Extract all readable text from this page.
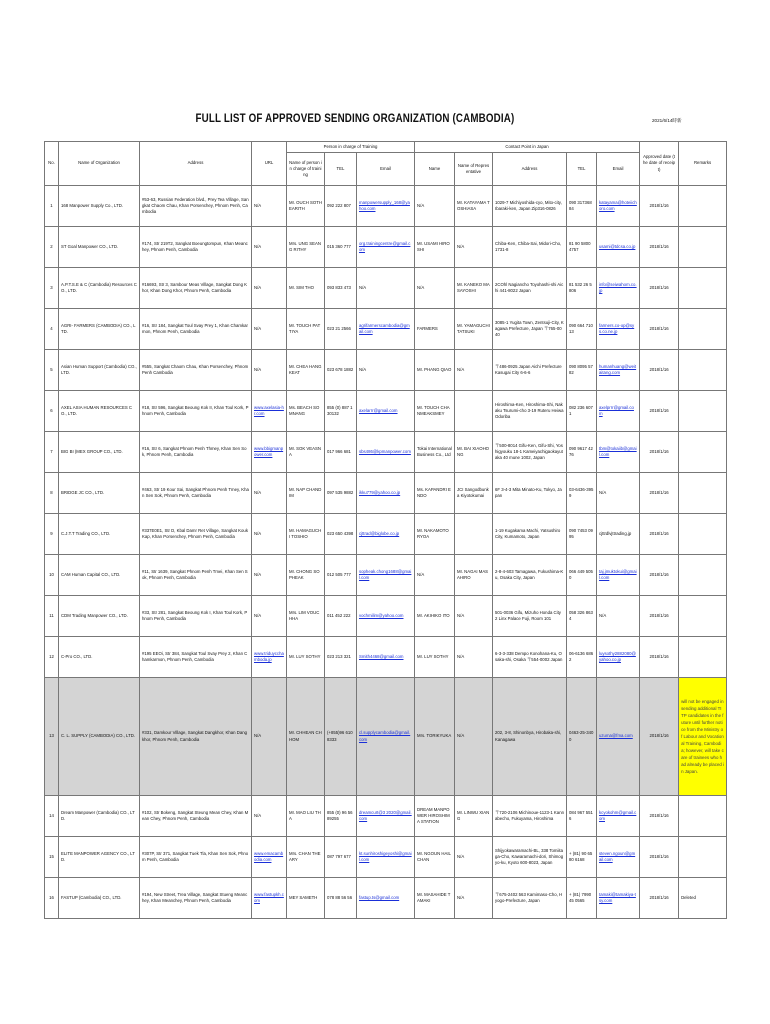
FULL LIST OF APPROVED SENDING ORGANIZATION (CAMBODIA)	2021/6/14時新
No.	Name of Organization	Address	URL	Person in charge of Training			Contact Point in Japan					Approved date (the date of receipt)	Remarks
				Name of person in charge of training	TEL	Email	Name	Name of Representative	Address	TEL	Email		
1	168 Manpower Supply Co., LTD.	#53-63, Russian Federation blvd., Prey Tea Village, Sangkat Chaom Chau, Khan Porsenchey, Phnom Penh, Cambodia	N/A	Mr. OUCH SOTHEARITH	092 222 807	manpowersupply_168@yahoo.com	N/A	Mr. KATAYAMA TOSHIASA	1029-7 Michiyoshida-cyo, Mito-city, Ibaraki-ken, Japan Zip316-0826	090 31736884	katayama@hoteiichoro.com	2018/1/16	
2	ST Goal Manpower CO., LTD.	#174, Str 219T2, Sangkat Boeungtompun, Khan Meanchey, Phnom Penh, Cambodia	N/A	Mrs. UNG SEANG RITHY	015 360 777	org.trainingcentre@gmail.com	Mr. USAMI HIROSHI	N/A	Chiba-Ken, Chiba-Sai, Midori-Cho, 1731-8	81 90 5800 4757	usami@tdcsa.co.jp	2018/1/16	
3	A.P.T.S.E & C (Cambodia) Resources CO., LTD.	#16693, Str 3, Sambour Meas Village, Sangkat Dong Khor, Khan Dong Khor, Phnom Penh, Cambodia	N/A	Mr. SIM THO	093 833 473	N/A	N/A	Mr. KANEKO MASAYOSHI	2COhl Nagiancho Toyohashi-shi Aichi 441-8022 Japan	81 532 26 5806	info@seiwahom.co.jp	2018/1/16	
4	AGRI- FARMERS (CAMBODIA) CO., LTD.	#16, Str 184, Sangkat Toul Svay Prey 1, Khan Chamkarmon, Phnom Penh, Cambodia	N/A	Mr. TOUCH PATTIYA	023 21 2566	agrifarmerscambodia@gmail.com	FARMERS	Mr. YAMAGUCHI TATSUKI	3085-1 Yugita Town, Zentsuji-City, Kagawa Prefecture, Japan 〒765-0040	090 664 710 13	farmers.co-op@sys.co.ne.jp	2018/1/16	
5	Asian Human Support (Cambodia) CO., LTD.	#555, Sangkat Chaom Chau, Khan Porsenchey, Phnom Penh Cambodia	N/A	Mr. CHEA HANGKEAT	023 678 1882	N/A	Mr. PHANG QIAO	N/A	〒486-0925 Japan Aichi Prefecture Kasugai City 6-6-6	090 8095 5782	humanhuang@weitaitang.com	2018/1/16	
6	AXEL ASIA HUMAN RESOURCES CO., LTD.	#18, Str 596, Sangkat Beoung Kok II, Khan Toul Kork, Phnom Penh, Cambodia	www.axelasia-hr.com	Ms. BEACH SOMNANG	855 (0) 887 130132	axelarrr@gmail.com	Mr. TOUCH CHANMEAKSMEY		Hiroshima-Ken, Hiroshima-Shi, Nakaku Tsurumi-cho 3-19 Ruteru Heiwa Odoriba	082 236 6071	axelprrr@gmail.com	2018/1/16	
7	BIG BI (MEX GROUP CO., LTD.	#16, Str 6, Sangkat Phnom Penh Thmey, Khan Sen Sok, Phnom Penh, Cambodia	www.bbigmanpower.com	Mr. SOK VEASNA	017 966 681	sbs486@kpmanpower.com	Tokai International Business Co., Ltd	Mr. BAI XIAOHONG	〒500-8014 Gifu-Ken, Gifu-Shi, Yoshigyouku 18-1 Kameiyachigaokayutaka 40 mune 1002, Japan	090 9617 4276	tbm@tokaiib@gmail.com	2018/1/16	
8	BRIDGE JC CO., LTD.	#463, Str 19 Kour Sai, Sangkat Phnom Penh Tmey, Khan Sen Sok, Phnom Penh, Cambodia	N/A	Mr. NAP CHANDIM	097 535 9882	ikku779@yahoo.co.jp	Ms. KAPANDRI ENDO	JCI Sangodbunka Kiyotokumai	6F 3-4-3 Mita Minato-Ku, Tokyo, Japan	03-6436-3959	N/A	2018/1/16	
9	C.J.T.T Trading CO., LTD.	#337E0E1, Str D, Kbal Damr Ret Village, Sangkat Kouk Kap, Khan Porsenchey, Phnom Penh, Cambodia	N/A	Mr. HAMAGUCHI TOSHIO	023 650 4398	cjttrad@biglobe.co.jp	Mr. NAKAMOTO RYOA		1-19 Kugakama Machi, Yatsushiro City, Kumamoto, Japan	090 7453 0995	cjttrdlvjttrading.jp	2018/1/16	
10	CAM Human Capital CO., LTD.	#11, Str 1639, Sangkat Phnom Penh Tmei, Khan Sen Sok, Phnom Penh, Cambodia	N/A	Mr. CHONG SOPHEAK	012 505 777	sopheak.chong1688@gmail.com	N/A	Mr. NAGAI MASAHIRO	2-8-4-603 Tamagawa, Fukushima-Ku, Osaka City, Japan	066 449 5050	taj.jmuktokui@gmail.com	2018/1/16	
11	CDM Trading Manpower CO., LTD.	#33, Str 281, Sangkat Beoung Kok I, Khan Toul Kork, Phnom Penh, Cambodia	N/A	Mrs. LIM VOUCHHA	011 452 222	vochmilim@yahoo.com	Mr. AKIHIKO ITO	N/A	501-0036 Gifu, Mizuho Honda City 2 Linx Palace Fuji, Room 101	058 326 8634	N/A	2018/1/16	
12	C-Pro CO., LTD.	#195 EEOi, Str 384, Sangkat Toul Svay Prey 2, Khan Chamkarmon, Phnom Penh, Cambodia	www.triduycchamboda.jp	Mr. LUY SOTHY	023 213 321	Smith4468@gmail.com	Mr. LUY SOTHY	N/A	6-3-3-338 Dempo Konohana-Ku, Osaka-shi, Osaka 〒554-0002 Japan	06-6136 6862	luysothy2882080@yahoo.co.jp	2018/1/16	
13	C. L. SUPPLY (CAMBODIA) CO., LTD.	#331, Damkour Village, Sangkat Dangkhor, Khan Dangkhor, Phnom Penh, Cambodia	N/A	Mr. CHHEAN CHHOM	(+855)96 610 8333	cl.supplycambodia@gmail.com	Mrs. TORIKYUKA	N/A	202, 3-8, Shinonbya, Hirobaka-shi, Kanagawa	0463-25-3400	uzuma@fma.com	2018/1/16	will not be engaged in sending additional TITP candidates in the future until further notice from the Ministry of Labour and Vocational Training, Cambodia; however, will take care of trainees who had already be placed in Japan.
14	Dream Manpower (Cambodia) CO., LTD.	#102, Str Bokeng, Sangkat Steung Mean Chey, Khan Mean Chey, Phnom Penh, Cambodia	N/A	Mr. MAO LIU THA	855 (0) 96 56 89255	dreamcurt@3 2020@gmail.com	DREAM MANPOWER HIROSHIMA STATION	Mr. LINWU XIANG	〒720-2106 Michinoue-1123-1 Kannabecho, Fukuyama, Hiroshima	084 967 5516	kcyokohm@gmail.com	2018/1/16	
15	ELITE MANPOWER AGENCY CO., LTD.	#307P, Str 371, Sangkat Tuek Tla, Khan Sen Sok, Phnom Penh, Cambodia	www.emacambodia.com	Mrs. CHAN THEARY	087 797 677	kt.sunhiroshigeyoshi@gmail.com	Mr. NGOUN HAILCHAN	N/A	Shijyokawaramachi-BL, 338 Tomiitaga-Cho, Kawaramachi-dori, Shimogyo-ku, Kyoto 600-8023, Japan	+ (81) 90 6580 6168	steven.ngoun@gmail.com	2018/1/16	
16	FASTUP (Cambodia) CO., LTD.	#194, New Street, Trea Village, Sangkat Stueng Meanchey, Khan Meanchey, Phnom Penh, Cambodia	www.fastupkh.com	MEY SAMETH	078 88 56 56	fastup.ts@gmail.com	Mr. MASAHIDE TAMAKI	N/A	〒675-2402 563 Kamimaso-Cho, Hyogo-Prefecture, Japan	+ (81) 7990 45 0565	tamaki@tamakiya-tsy.com	2018/1/16	Deleted
